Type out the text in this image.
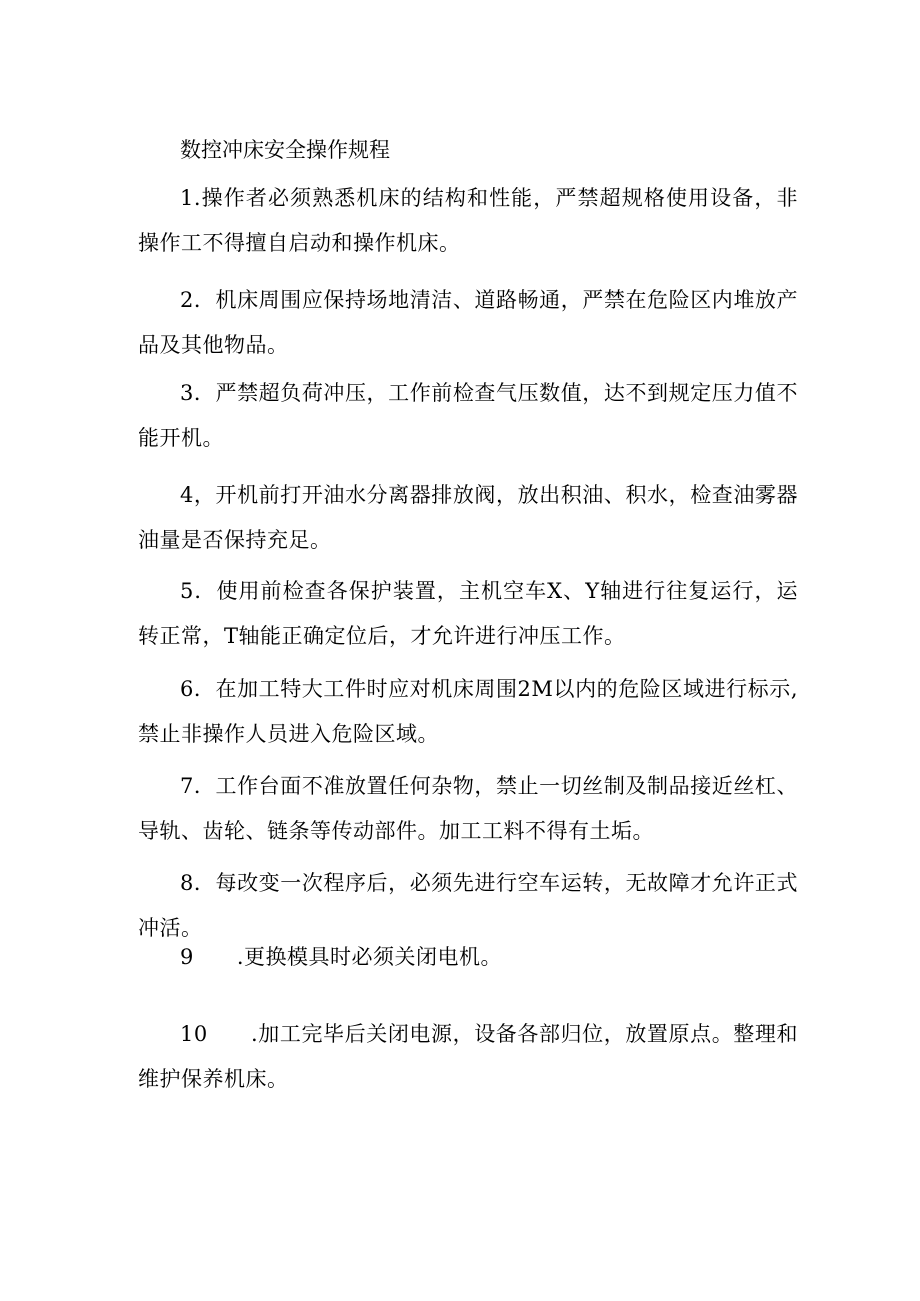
数控冲床安全操作规程
1.操作者必须熟悉机床的结构和性能，严禁超规格使用设备，非操作工不得擅自启动和操作机床。
2．机床周围应保持场地清洁、道路畅通，严禁在危险区内堆放产品及其他物品。
3．严禁超负荷冲压，工作前检查气压数值，达不到规定压力值不能开机。
4，开机前打开油水分离器排放阀，放出积油、积水，检查油雾器油量是否保持充足。
5．使用前检查各保护装置，主机空车X、Y轴进行往复运行，运转正常，T轴能正确定位后，才允许进行冲压工作。
6．在加工特大工件时应对机床周围2M以内的危险区域进行标示,禁止非操作人员进入危险区域。
7．工作台面不准放置任何杂物，禁止一切丝制及制品接近丝杠、导轨、齿轮、链条等传动部件。加工工料不得有土垢。
8．每改变一次程序后，必须先进行空车运转，无故障才允许正式冲活。
9　　.更换模具时必须关闭电机。
10　　.加工完毕后关闭电源，设备各部归位，放置原点。整理和维护保养机床。
